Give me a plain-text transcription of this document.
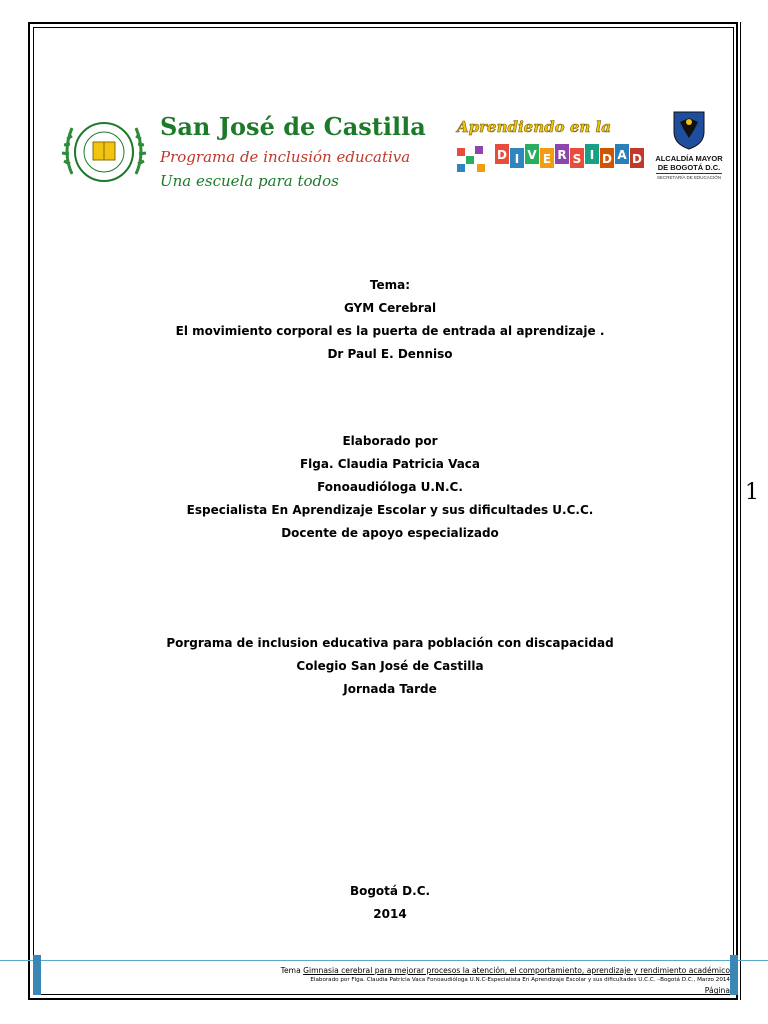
San José de Castilla
Programa de inclusión educativa
Una escuela para todos
Aprendiendo en la
D I V E R S I D A D	ALCALDÍA MAYOR
DE BOGOTÁ D.C.
SECRETARÍA DE EDUCACIÓN
Tema:
GYM Cerebral
El movimiento corporal es la puerta de entrada al aprendizaje .
Dr Paul E. Denniso
Elaborado por
Flga. Claudia Patricia Vaca
Fonoaudióloga U.N.C.
Especialista En Aprendizaje Escolar y sus dificultades U.C.C.
Docente de apoyo especializado
Porgrama de inclusion educativa para población con discapacidad
Colegio San José de Castilla
Jornada Tarde
Bogotá D.C.
2014
1
Tema Gimnasia cerebral para mejorar procesos la atención, el comportamiento, aprendizaje y rendimiento académico
Elaborado por Flga. Claudia Patricia Vaca Fonoaudióloga U.N.C-Especialista En Aprendizaje Escolar y sus dificultades U.C.C. –Bogotá D.C., Marzo 2014
Página
